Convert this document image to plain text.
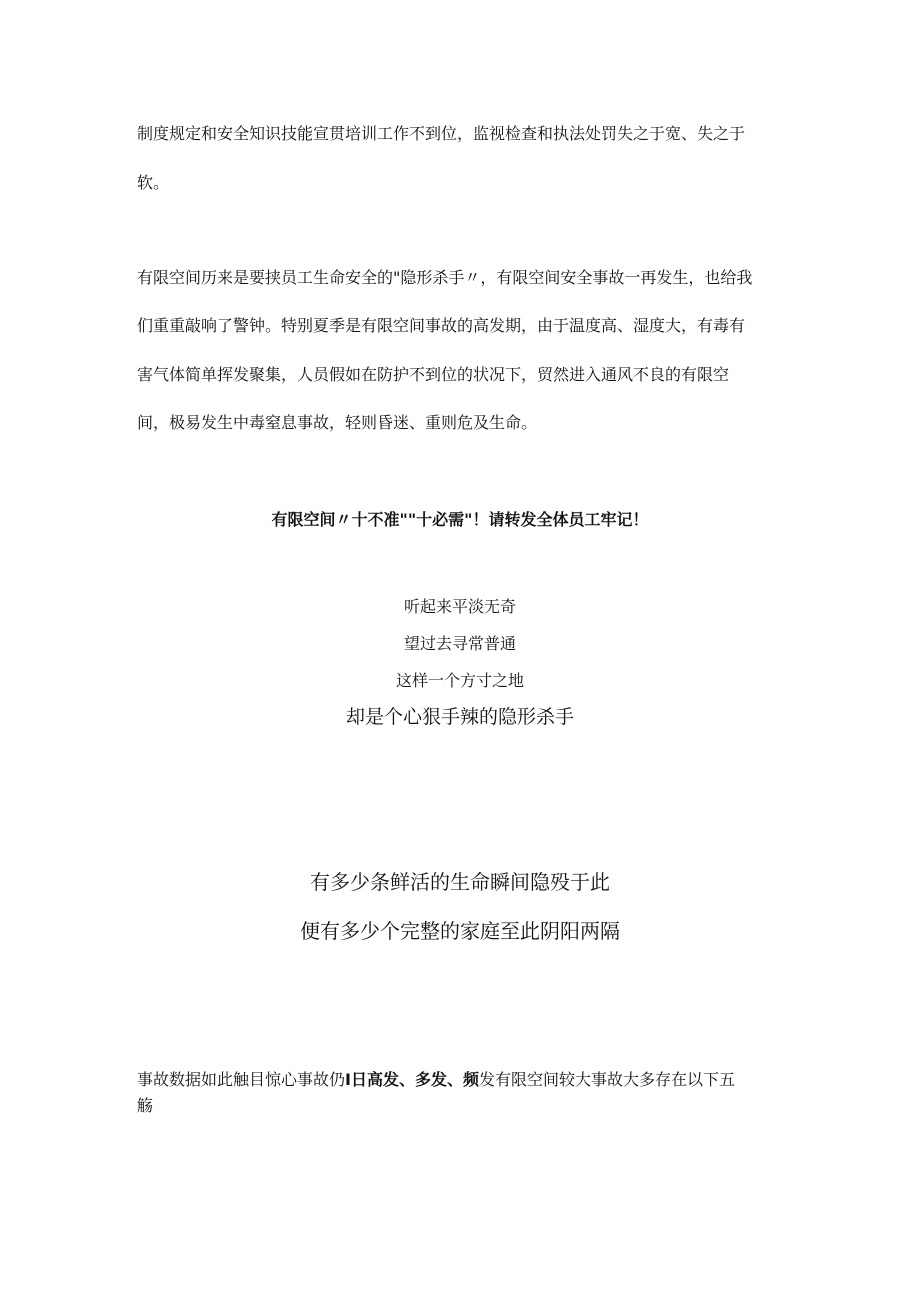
制度规定和安全知识技能宣贯培训工作不到位，监视检查和执法处罚失之于宽、失之于
软。
有限空间历来是要挟员工生命安全的"隐形杀手〃，有限空间安全事故一再发生，也给我
们重重敲响了警钟。特别夏季是有限空间事故的高发期，由于温度高、湿度大，有毒有
害气体简单挥发聚集，人员假如在防护不到位的状况下，贸然进入通风不良的有限空
间，极易发生中毒窒息事故，轻则昏迷、重则危及生命。
有限空间〃十不准""十必需"！请转发全体员工牢记！
听起来平淡无奇
望过去寻常普通
这样一个方寸之地
却是个心狠手辣的隐形杀手
有多少条鲜活的生命瞬间隐殁于此
便有多少个完整的家庭至此阴阳两隔
事故数据如此触目惊心事故仍I日高发、多发、频发有限空间较大事故大多存在以下五
觞
